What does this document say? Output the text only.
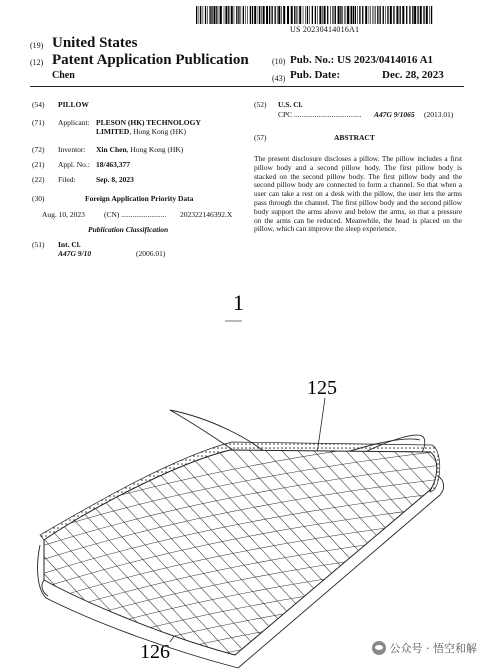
US 20230414016A1
(19) United States
(12) Patent Application Publication
Chen
(10) Pub. No.: US 2023/0414016 A1
(43) Pub. Date:	Dec. 28, 2023
(54) PILLOW
(71) Applicant: PLESON (HK) TECHNOLOGY
LIMITED, Hong Kong (HK)
(72) Inventor: Xin Chen, Hong Kong (HK)
(21) Appl. No.: 18/463,377
(22) Filed:	Sep. 8, 2023
(30)	Foreign Application Priority Data
Aug. 10, 2023	(CN) ........................ 202322146392.X
Publication Classification
(51) Int. Cl.
A47G 9/10	(2006.01)
(52) U.S. Cl.
CPC .................................... A47G 9/1065 (2013.01)
(57)	ABSTRACT
The present disclosure discloses a pillow. The pillow includes a first pillow body and a second pillow body. The first pillow body is stacked on the second pillow body. The first pillow body and the second pillow body are connected to form a channel. So that when a user can take a rest on a desk with the pillow, the user lets the arms pass through the channel. The first pillow body and the second pillow body support the arms above and below the arms, so that a pressure on the arms can be reduced. Meanwhile, the head is placed on the pillow, which can improve the sleep experience.
1
125
126	公众号 · 悟空和解
